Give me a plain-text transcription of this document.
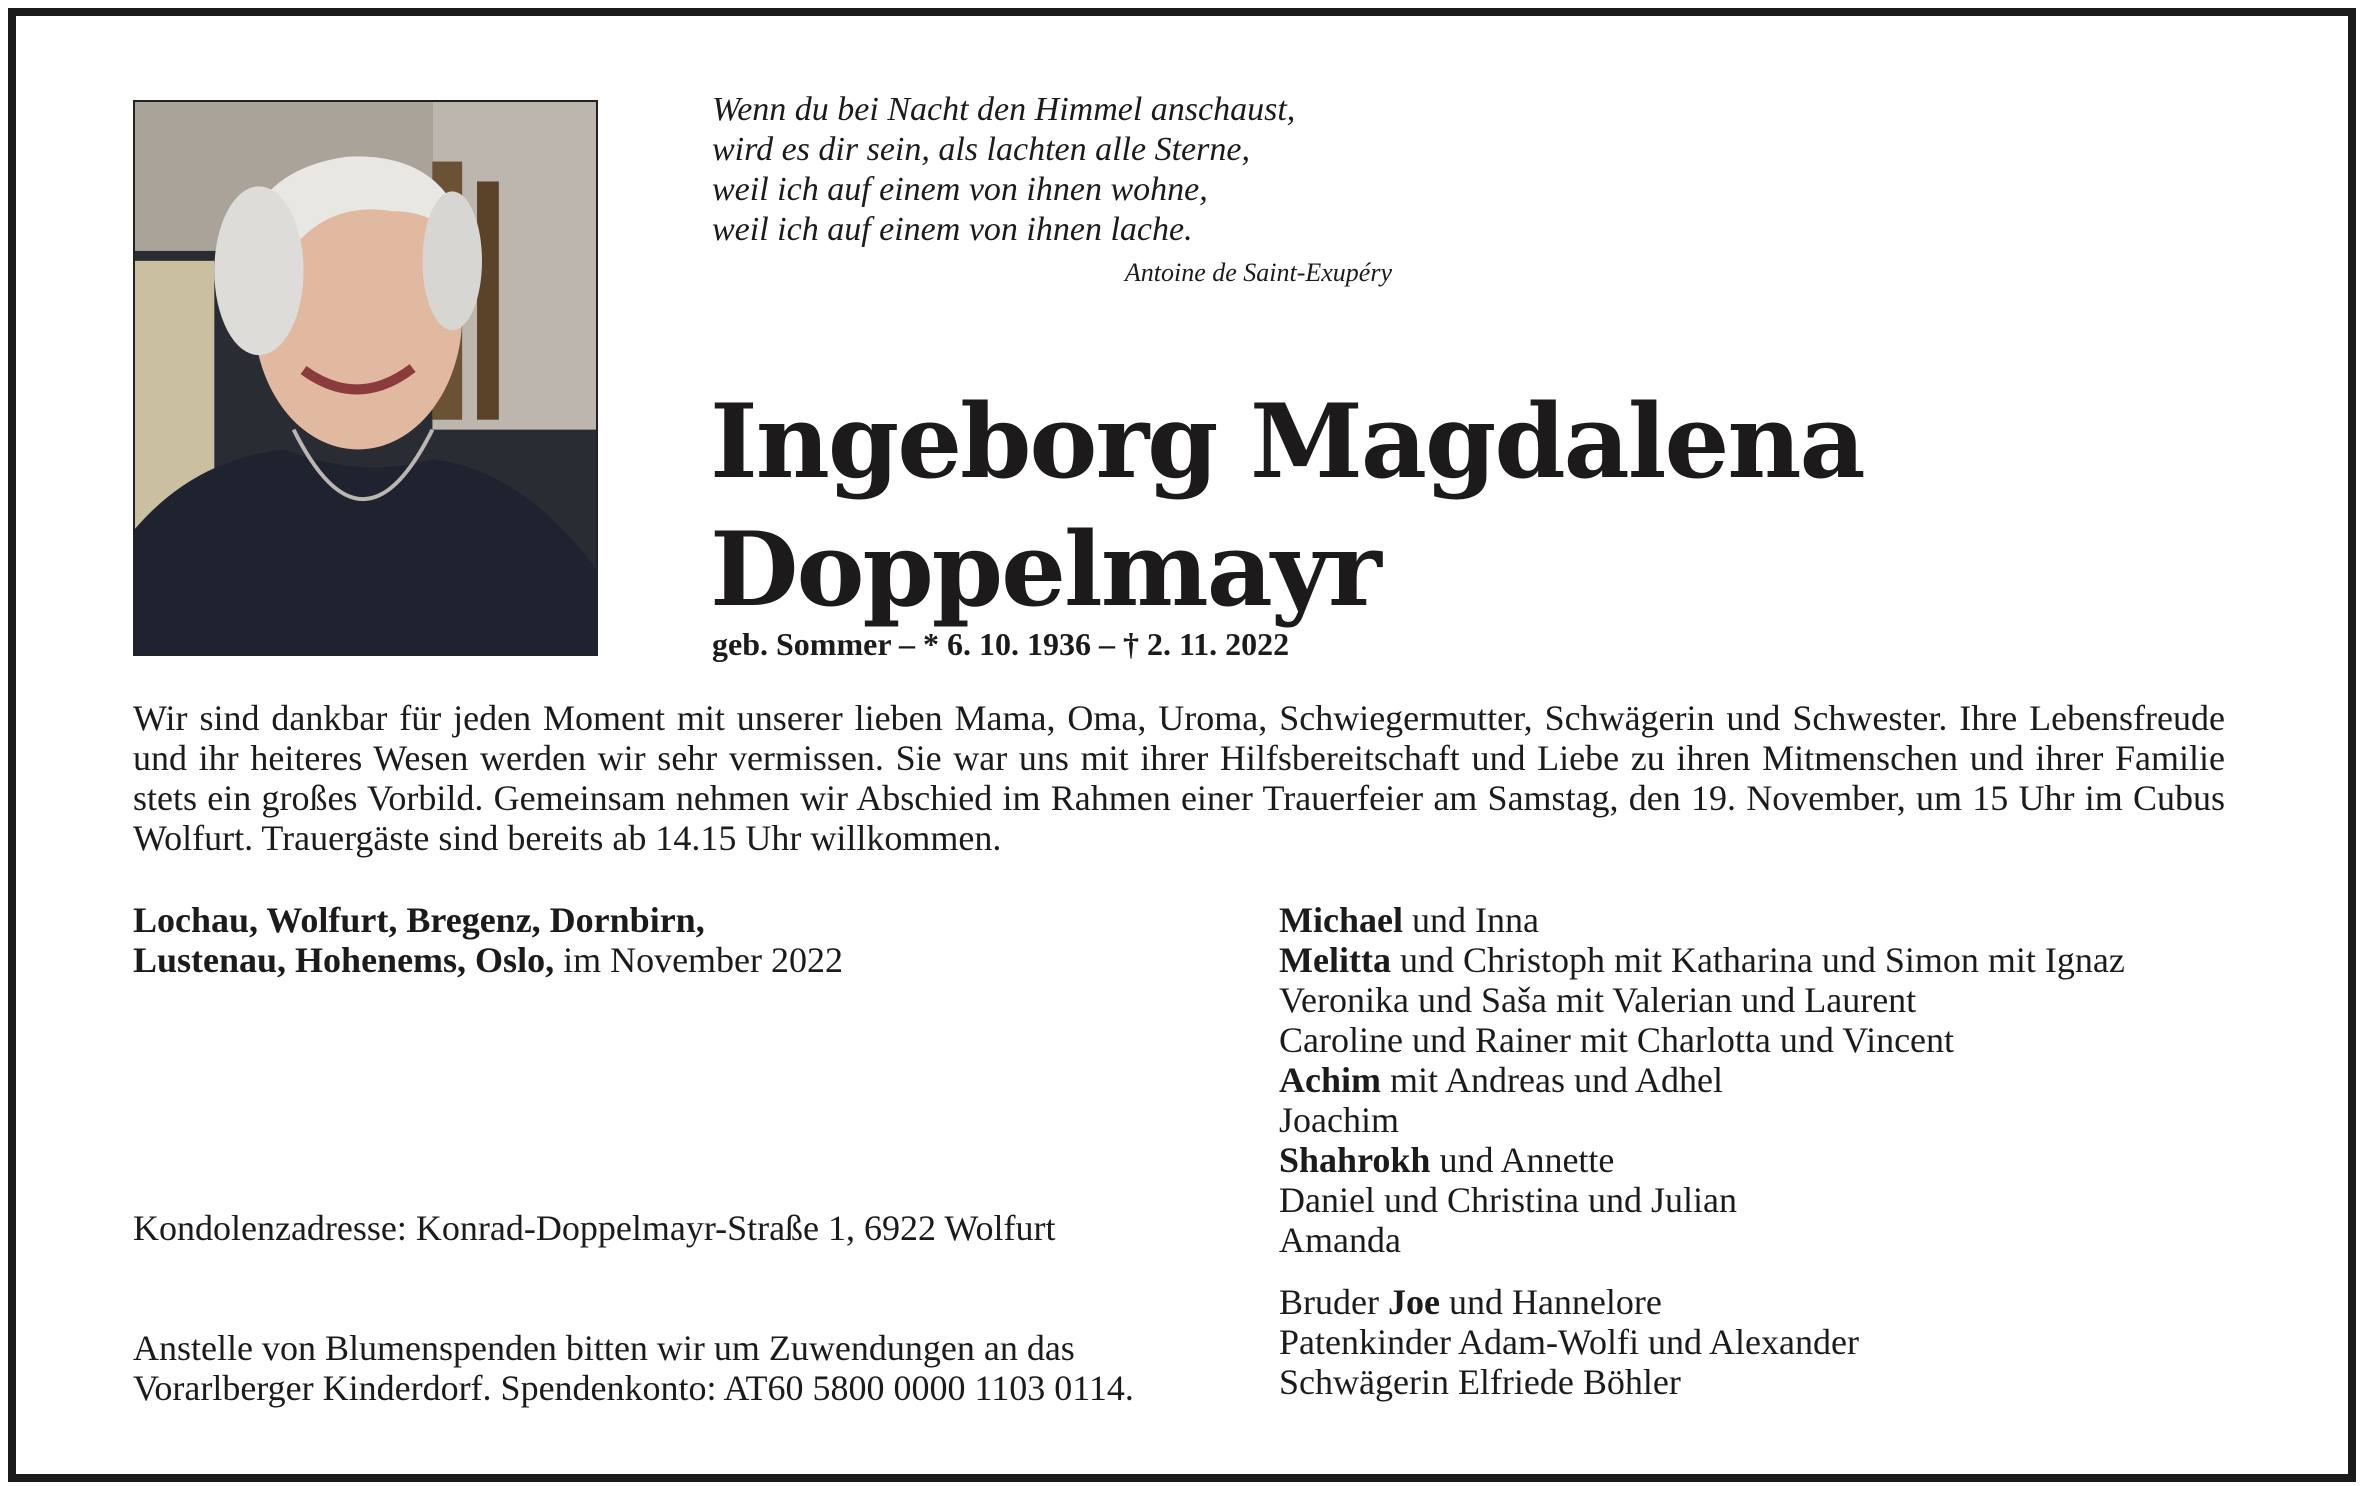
Wenn du bei Nacht den Himmel anschaust,
wird es dir sein, als lachten alle Sterne,
weil ich auf einem von ihnen wohne,
weil ich auf einem von ihnen lache.
Antoine de Saint-Exupéry
Ingeborg Magdalena
Doppelmayr
geb. Sommer – * 6. 10. 1936 – † 2. 11. 2022
Wir sind dankbar für jeden Moment mit unserer lieben Mama, Oma, Uroma, Schwiegermutter, Schwägerin und Schwester. Ihre Lebensfreude und ihr heiteres Wesen werden wir sehr vermissen. Sie war uns mit ihrer Hilfsbereitschaft und Liebe zu ihren Mitmenschen und ihrer Familie stets ein großes Vorbild. Gemeinsam nehmen wir Abschied im Rahmen einer Trauerfeier am Samstag, den 19. November, um 15 Uhr im Cubus Wolfurt. Trauergäste sind bereits ab 14.15 Uhr willkommen.
Lochau, Wolfurt, Bregenz, Dornbirn,
Lustenau, Hohenems, Oslo, im November 2022
Kondolenzadresse: Konrad-Doppelmayr-Straße 1, 6922 Wolfurt
Anstelle von Blumenspenden bitten wir um Zuwendungen an das
Vorarlberger Kinderdorf. Spendenkonto: AT60 5800 0000 1103 0114.
Michael und Inna
Melitta und Christoph mit Katharina und Simon mit Ignaz
Veronika und Saša mit Valerian und Laurent
Caroline und Rainer mit Charlotta und Vincent
Achim mit Andreas und Adhel
Joachim
Shahrokh und Annette
Daniel und Christina und Julian
Amanda
Bruder Joe und Hannelore
Patenkinder Adam-Wolfi und Alexander
Schwägerin Elfriede Böhler
